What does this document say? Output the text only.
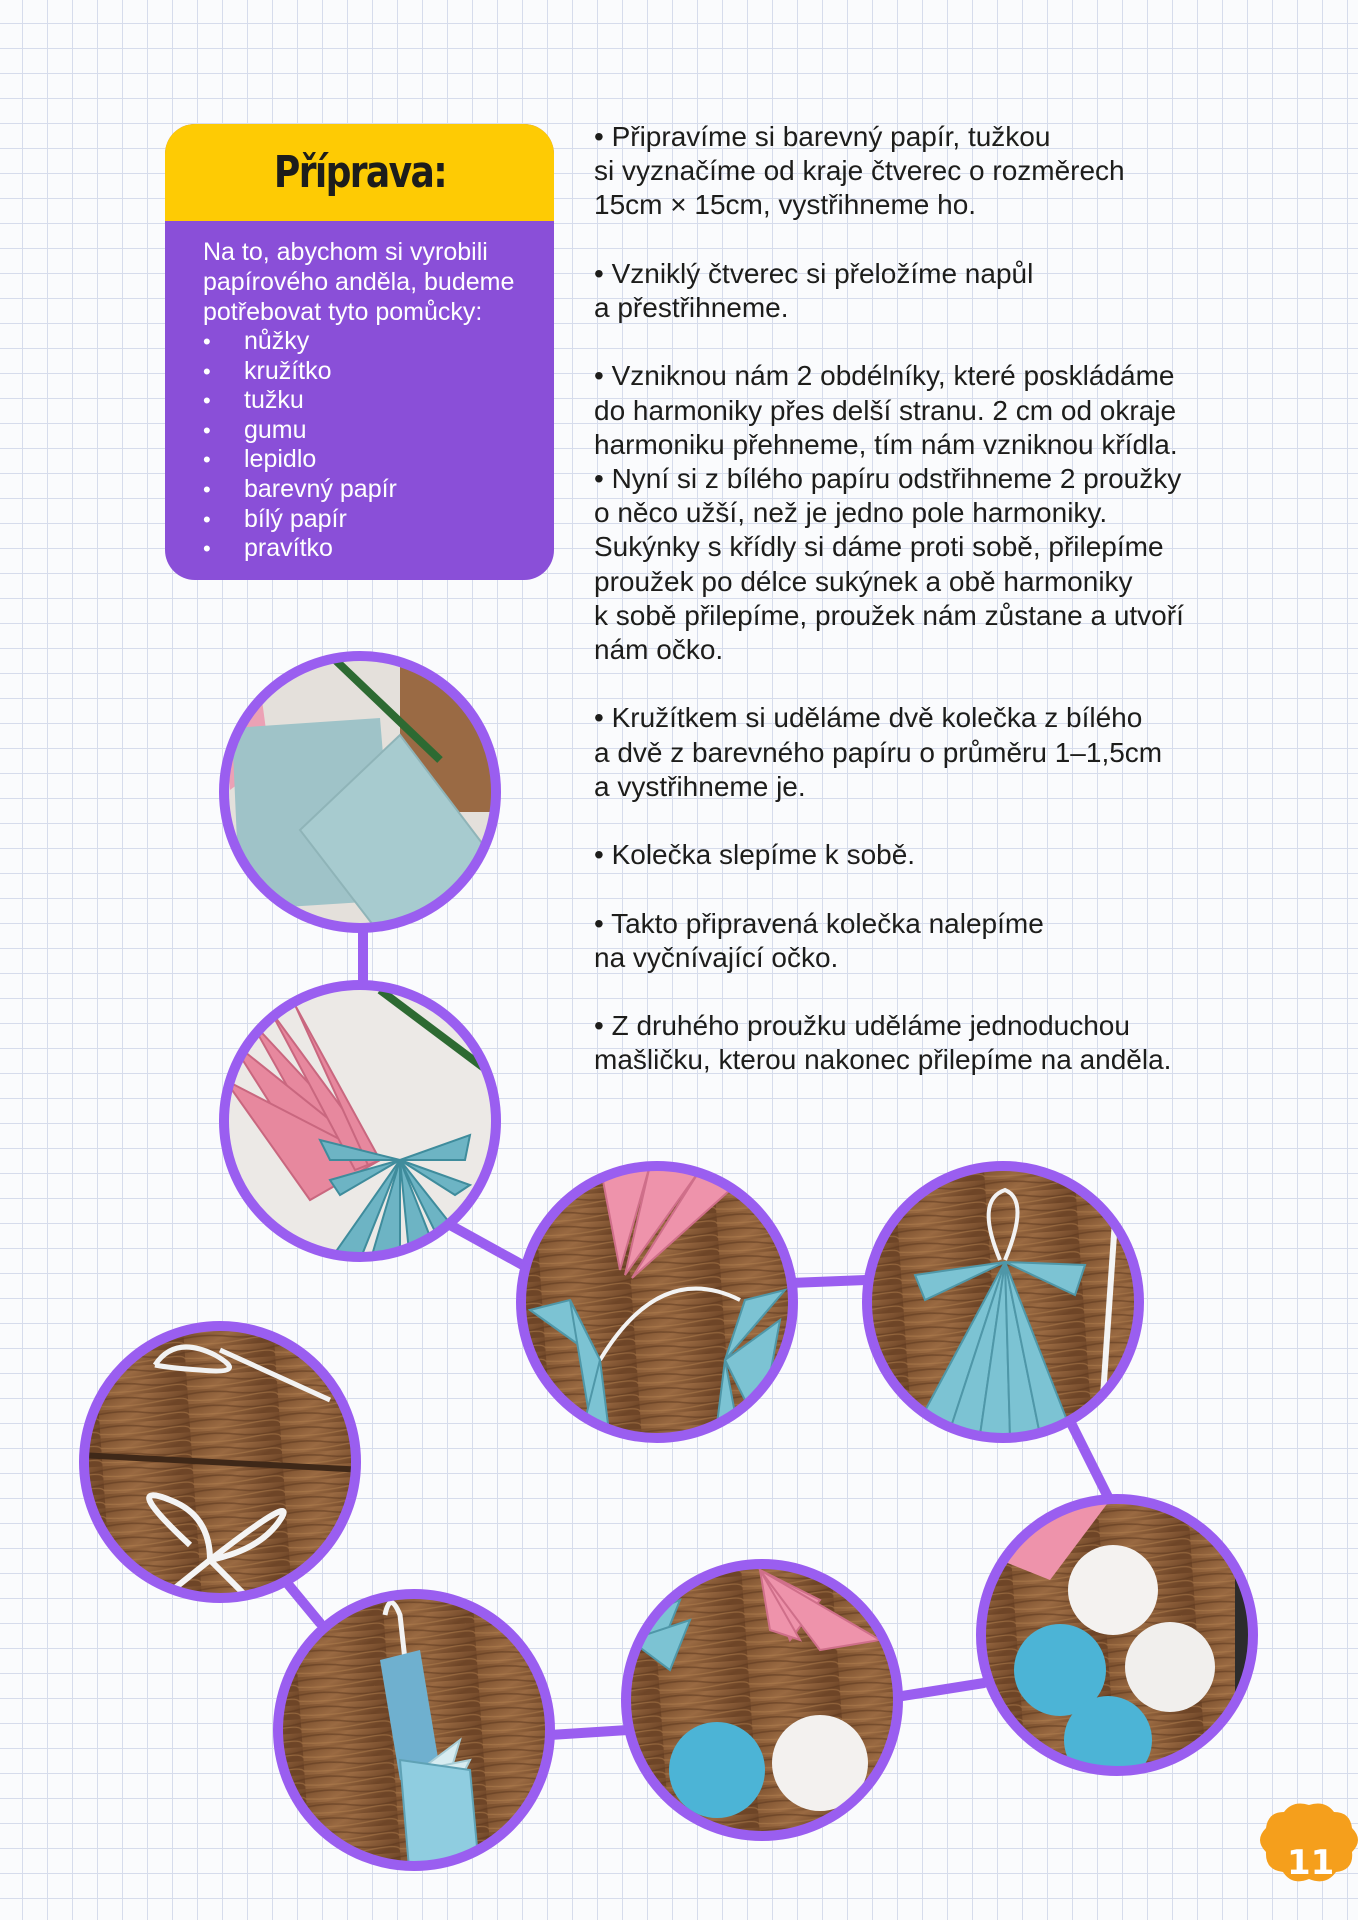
Příprava:
Na to, abychom si vyrobili papírového anděla, budeme potřebovat tyto pomůcky:
• nůžky
• kružítko
• tužku
• gumu
• lepidlo
• barevný papír
• bílý papír
• pravítko

• Připravíme si barevný papír, tužkou
si vyznačíme od kraje čtverec o rozměrech
15cm × 15cm, vystřihneme ho.

• Vzniklý čtverec si přeložíme napůl
a přestřihneme.

• Vzniknou nám 2 obdélníky, které poskládáme
do harmoniky přes delší stranu. 2 cm od okraje
harmoniku přehneme, tím nám vzniknou křídla.

• Nyní si z bílého papíru odstřihneme 2 proužky
o něco užší, než je jedno pole harmoniky.
Sukýnky s křídly si dáme proti sobě, přilepíme
proužek po délce sukýnek a obě harmoniky
k sobě přilepíme, proužek nám zůstane a utvoří
nám očko.

• Kružítkem si uděláme dvě kolečka z bílého
a dvě z barevného papíru o průměru 1–1,5cm
a vystřihneme je.

• Kolečka slepíme k sobě.

• Takto připravená kolečka nalepíme
na vyčnívající očko.

• Z druhého proužku uděláme jednoduchou
mašličku, kterou nakonec přilepíme na anděla.

11
